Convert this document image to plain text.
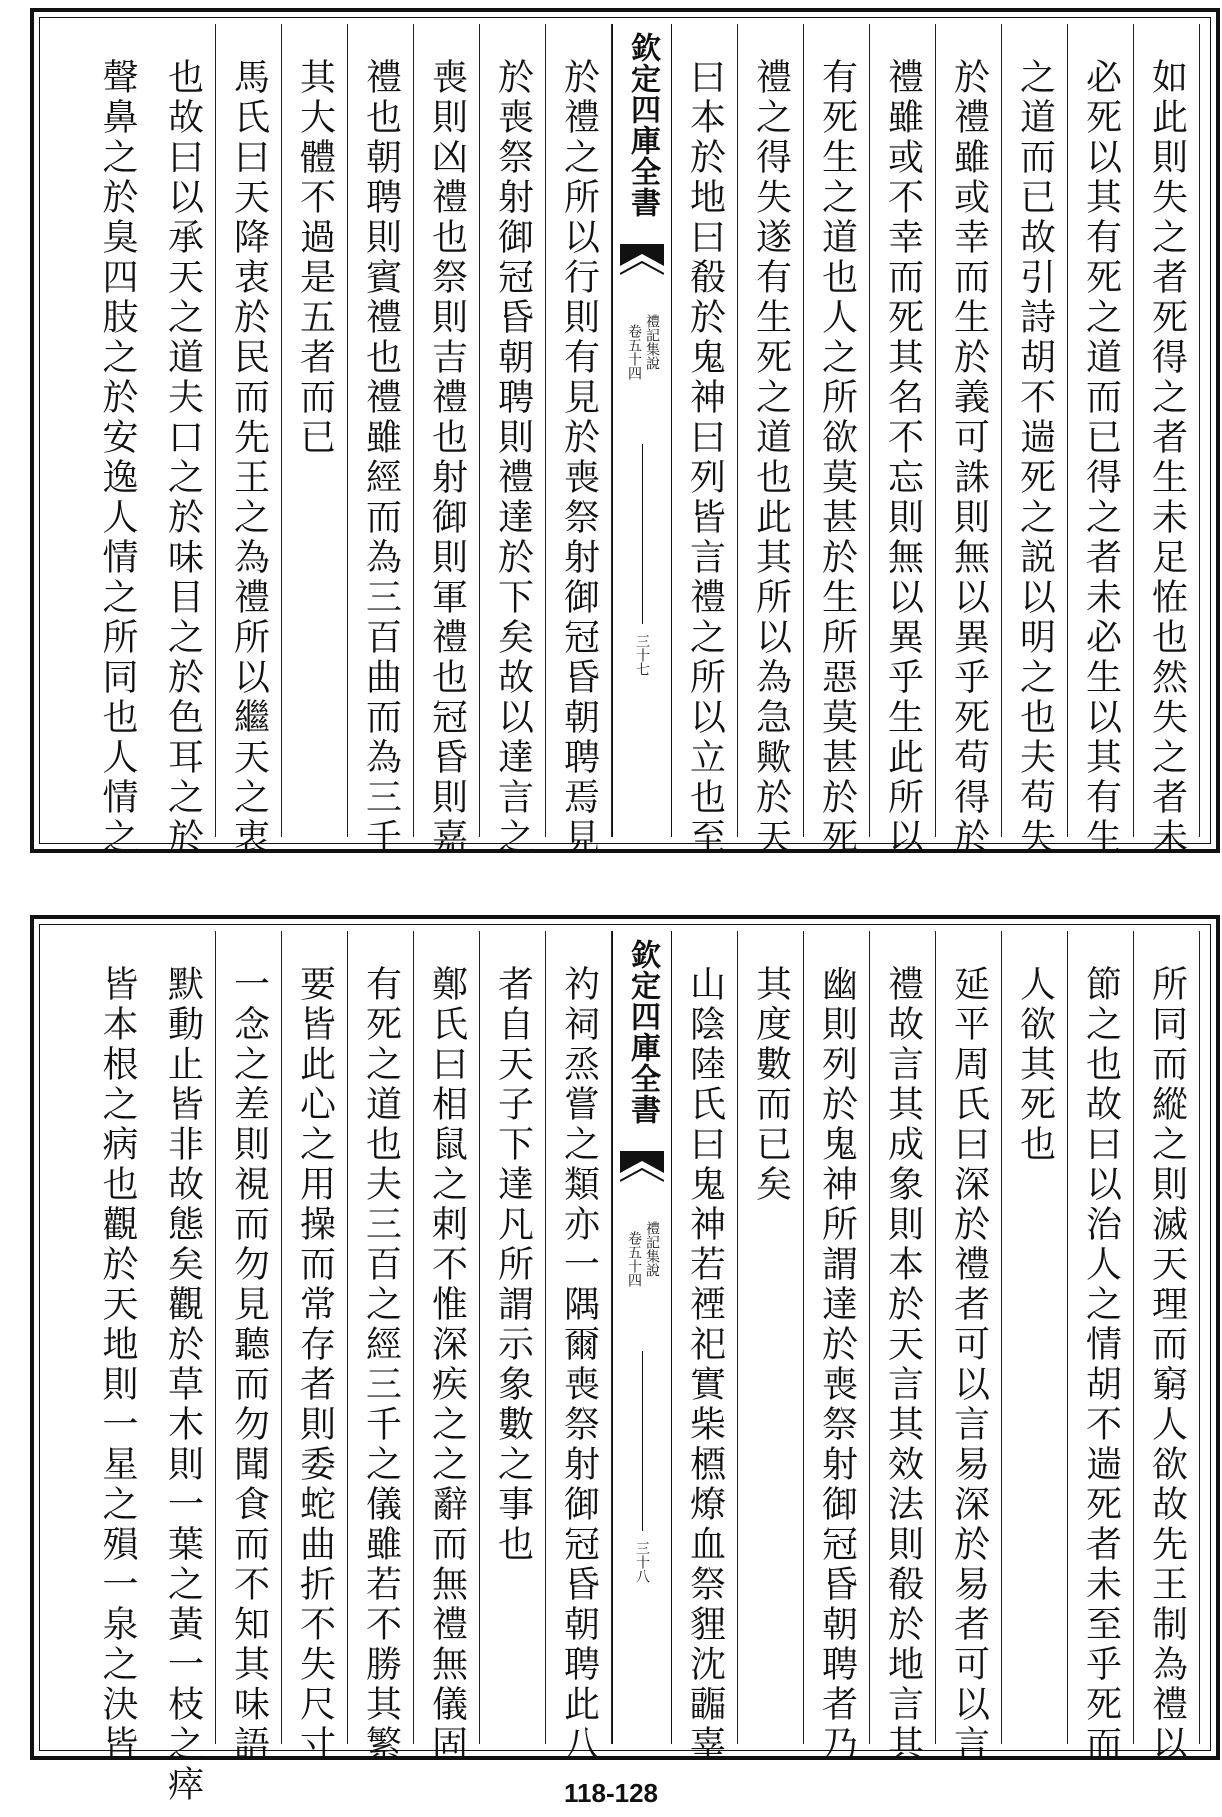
如此則失之者死得之者生未足恠也然失之者未
必死以其有死之道而已得之者未必生以其有生
之道而已故引詩胡不遄死之説以明之也夫苟失
於禮雖或幸而生於義可誅則無以異乎死苟得於
禮雖或不幸而死其名不忘則無以異乎生此所以
有死生之道也人之所欲莫甚於生所惡莫甚於死
禮之得失遂有生死之道也此其所以為急歟於天
曰本於地曰殽於鬼神曰列皆言禮之所以立也至
欽定四庫全書
禮記集說
卷五十四
三十七
於禮之所以行則有見於喪祭射御冠昏朝聘焉見
於喪祭射御冠昏朝聘則禮達於下矣故以達言之
喪則凶禮也祭則吉禮也射御則軍禮也冠昏則嘉
禮也朝聘則賓禮也禮雖經而為三百曲而為三千
其大體不過是五者而已
馬氏曰天降衷於民而先王之為禮所以繼天之衷
也故曰以承天之道夫口之於味目之於色耳之於
聲鼻之於臭四肢之於安逸人情之所同也人情之
所同而縱之則滅天理而窮人欲故先王制為禮以
節之也故曰以治人之情胡不遄死者未至乎死而
人欲其死也
延平周氏曰深於禮者可以言易深於易者可以言
禮故言其成象則本於天言其效法則殽於地言其
幽則列於鬼神所謂達於喪祭射御冠昏朝聘者乃
其度數而已矣
山陰陸氏曰鬼神若禋祀實柴槱燎血祭貍沈疈辜
欽定四庫全書
禮記集說
卷五十四
三十八
礿祠烝嘗之類亦一隅爾喪祭射御冠昏朝聘此八
者自天子下達凡所謂示象數之事也
鄭氏曰相鼠之剌不惟深疾之之辭而無禮無儀固
有死之道也夫三百之經三千之儀雖若不勝其繁
要皆此心之用操而常存者則委蛇曲折不失尺寸
一念之差則視而勿見聽而勿聞食而不知其味語
默動止皆非故態矣觀於草木則一葉之黃一枝之瘁
皆本根之病也觀於天地則一星之殞一泉之決皆
118-128
